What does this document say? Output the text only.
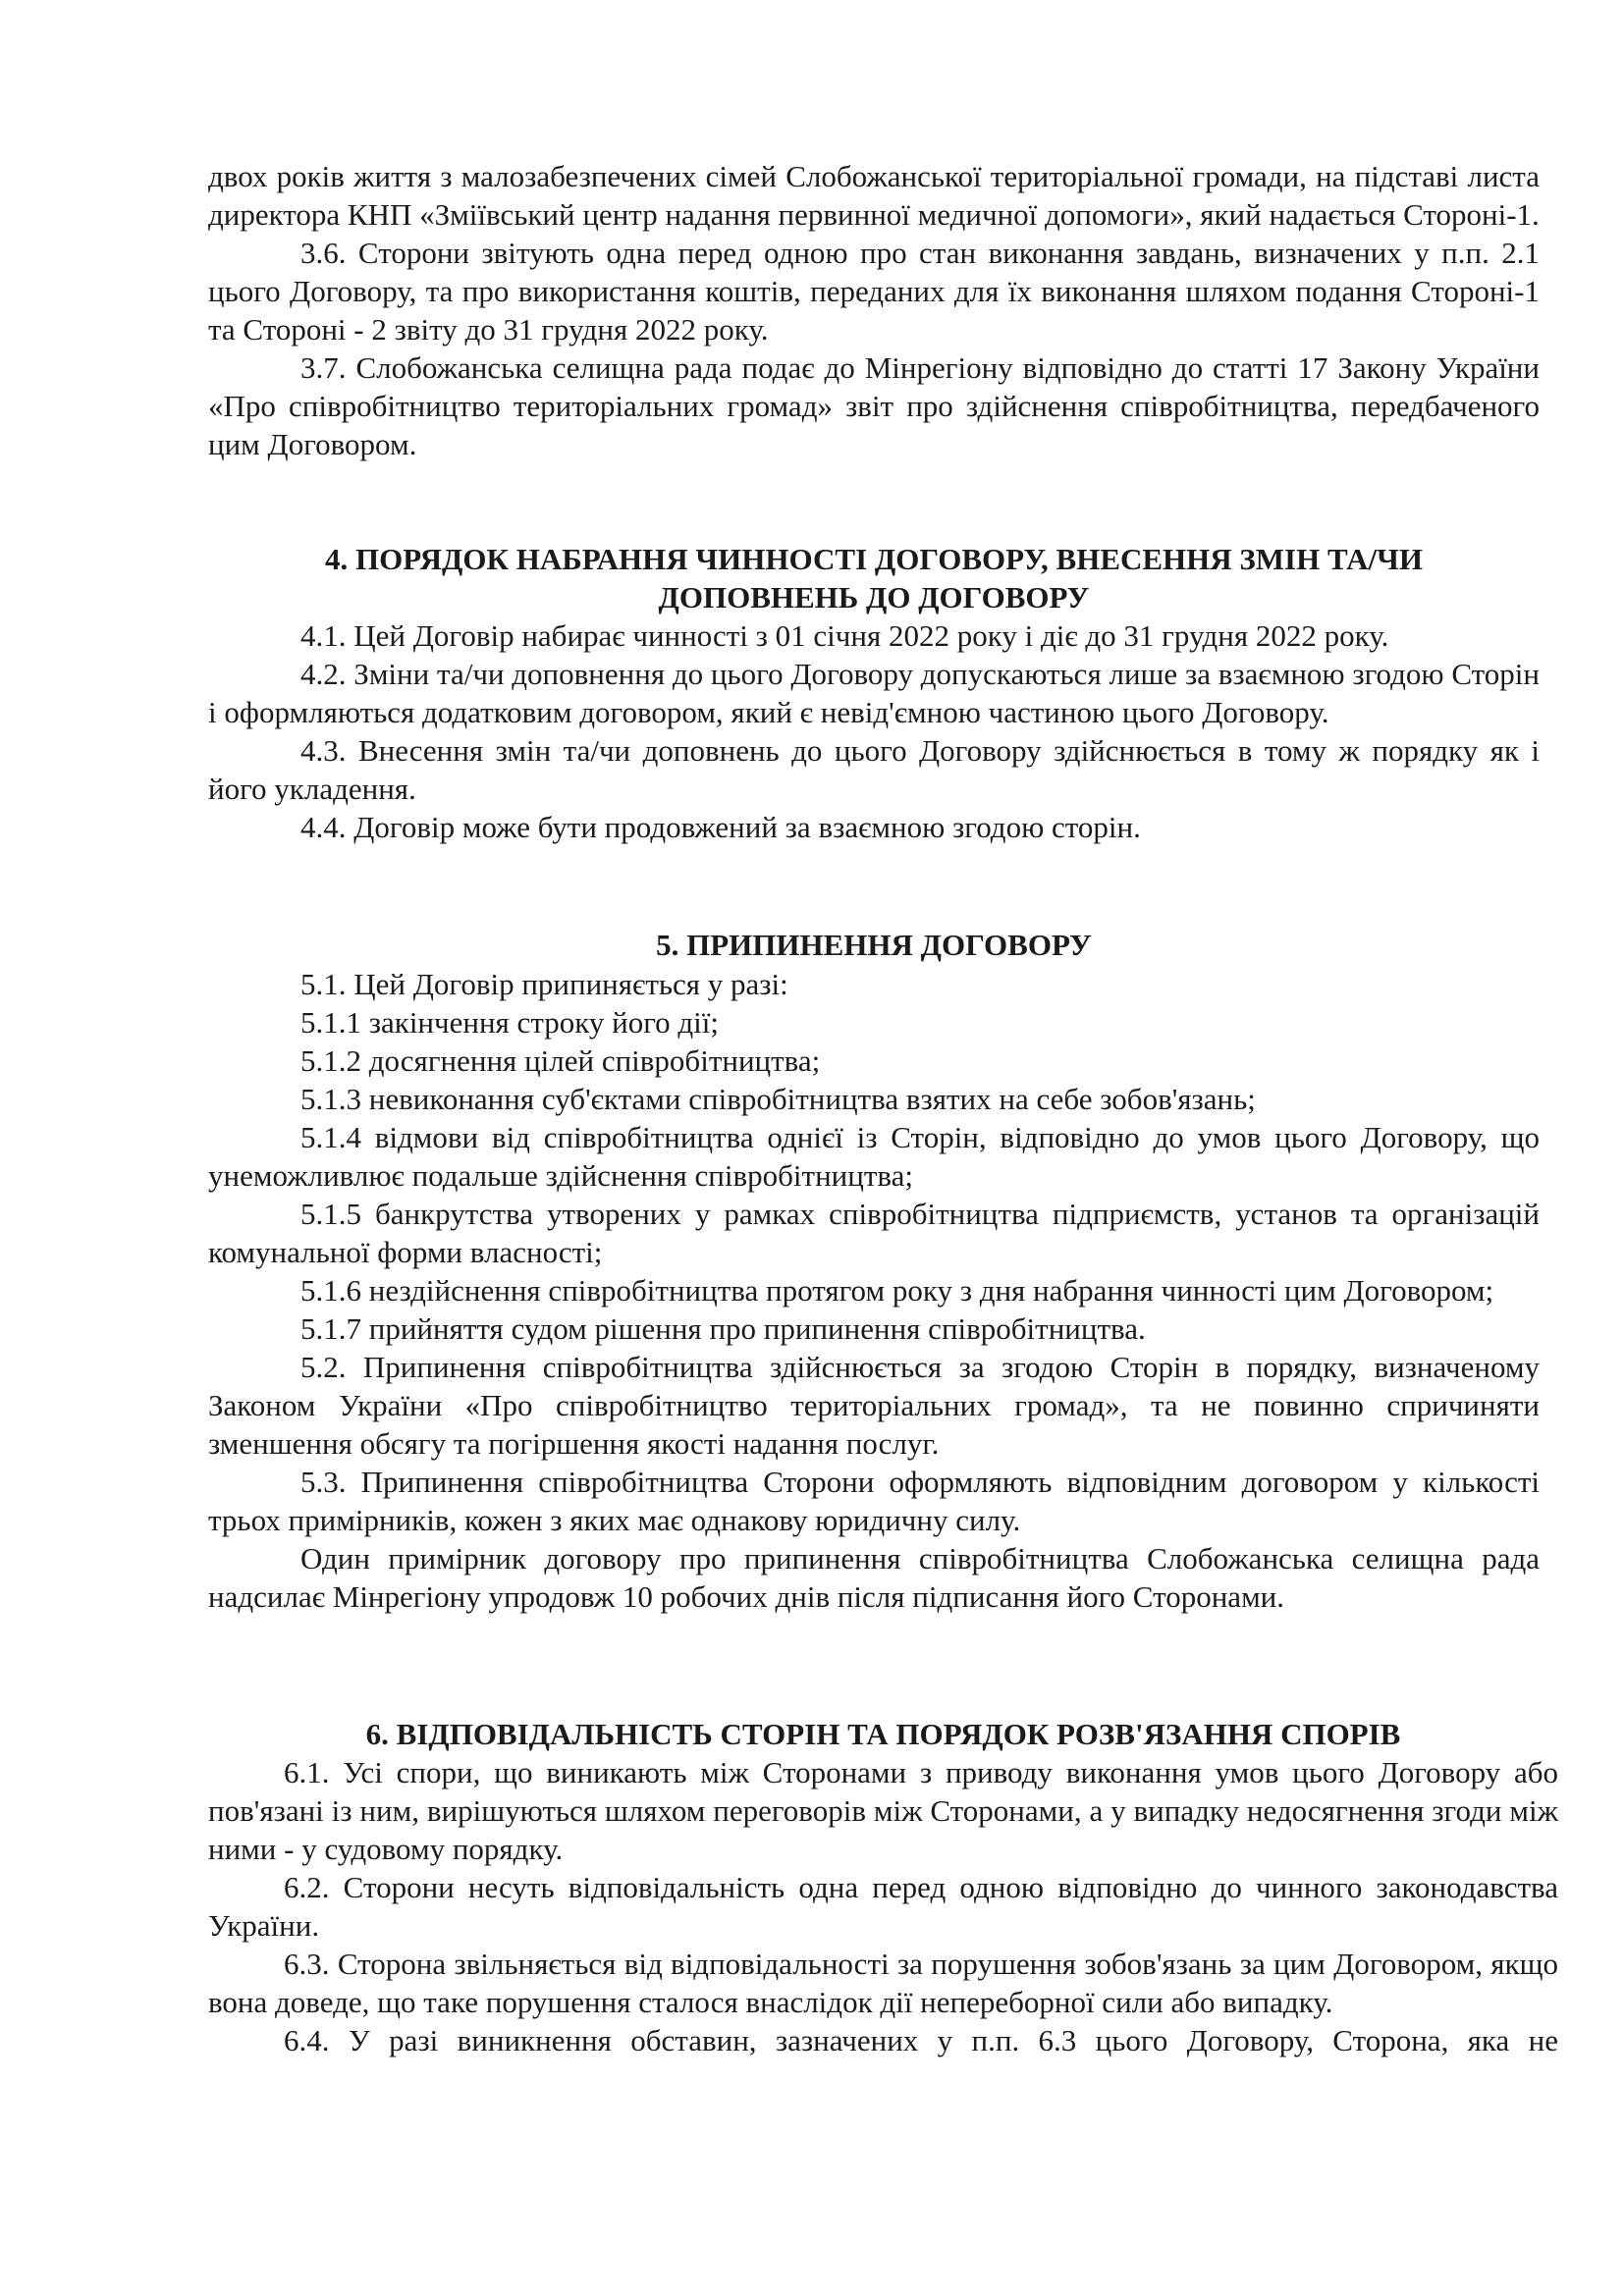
двох років життя з малозабезпечених сімей Слобожанської територіальної громади, на підставі листа директора КНП «Зміївський центр надання первинної медичної допомоги», який надається Стороні-1.

3.6. Сторони звітують одна перед одною про стан виконання завдань, визначених у п.п. 2.1 цього Договору, та про використання коштів, переданих для їх виконання шляхом подання Стороні-1 та Стороні - 2 звіту до 31 грудня 2022 року.

3.7. Слобожанська селищна рада подає до Мінрегіону відповідно до статті 17 Закону України «Про співробітництво територіальних громад» звіт про здійснення співробітництва, передбаченого цим Договором.

4. ПОРЯДОК НАБРАННЯ ЧИННОСТІ ДОГОВОРУ, ВНЕСЕННЯ ЗМІН ТА/ЧИ
ДОПОВНЕНЬ ДО ДОГОВОРУ

4.1. Цей Договір набирає чинності з 01 січня 2022 року і діє до 31 грудня 2022 року.

4.2. Зміни та/чи доповнення до цього Договору допускаються лише за взаємною згодою Сторін і оформляються додатковим договором, який є невід'ємною частиною цього Договору.

4.3. Внесення змін та/чи доповнень до цього Договору здійснюється в тому ж порядку як і його укладення.

4.4. Договір може бути продовжений за взаємною згодою сторін.

5. ПРИПИНЕННЯ ДОГОВОРУ

5.1. Цей Договір припиняється у разі:

5.1.1 закінчення строку його дії;

5.1.2 досягнення цілей співробітництва;

5.1.3 невиконання суб'єктами співробітництва взятих на себе зобов'язань;

5.1.4 відмови від співробітництва однієї із Сторін, відповідно до умов цього Договору, що унеможливлює подальше здійснення співробітництва;

5.1.5 банкрутства утворених у рамках співробітництва підприємств, установ та організацій комунальної форми власності;

5.1.6 нездійснення співробітництва протягом року з дня набрання чинності цим Договором;

5.1.7 прийняття судом рішення про припинення співробітництва.

5.2. Припинення співробітництва здійснюється за згодою Сторін в порядку, визначеному Законом України «Про співробітництво територіальних громад», та не повинно спричиняти зменшення обсягу та погіршення якості надання послуг.

5.3. Припинення співробітництва Сторони оформляють відповідним договором у кількості трьох примірників, кожен з яких має однакову юридичну силу.

Один примірник договору про припинення співробітництва Слобожанська селищна рада надсилає Мінрегіону упродовж 10 робочих днів після підписання його Сторонами.

6. ВІДПОВІДАЛЬНІСТЬ СТОРІН ТА ПОРЯДОК РОЗВ'ЯЗАННЯ СПОРІВ

6.1. Усі спори, що виникають між Сторонами з приводу виконання умов цього Договору або пов'язані із ним, вирішуються шляхом переговорів між Сторонами, а у випадку недосягнення згоди між ними - у судовому порядку.

6.2. Сторони несуть відповідальність одна перед одною відповідно до чинного законодавства України.

6.3. Сторона звільняється від відповідальності за порушення зобов'язань за цим Договором, якщо вона доведе, що таке порушення сталося внаслідок дії непереборної сили або випадку.

6.4. У разі виникнення обставин, зазначених у п.п. 6.3 цього Договору, Сторона, яка не
